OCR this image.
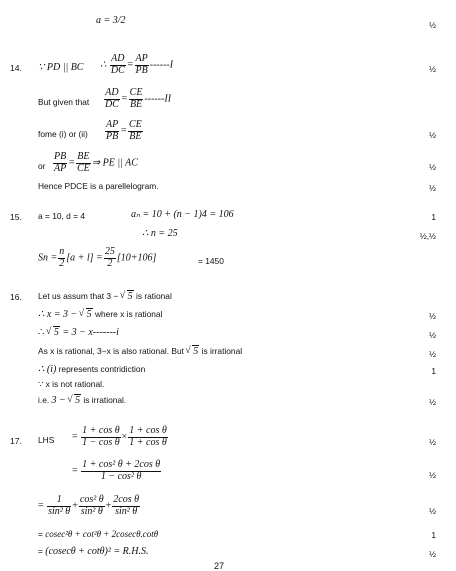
a = 3/2	½
14. ∵ PD || BC ∴ $\frac{AD}{DC} = \frac{AP}{PB} ------I$	½
But given that $\frac{AD}{DC} = \frac{CE}{BE} ------II$
fome (i) or $(ii) \frac{AP}{PB} = \frac{CE}{BE}$	½
or $\frac{PB}{AP} = \frac{BE}{CE}$ ⇒ PE || AC	½
Hence PDCE is a parellelogram.	½
15. a = 10, d = 4	aₙ = 10 + (n − 1)4 = 106	1
∴ n = 25	½,½
$Sn = \frac{n}{2} [a + l] = \frac{25}{2} [10+106]$	= 1450
16. Let us assum that 3 − √ 5 is rational
∴ x = 3 − √ 5 where x is rational	½
∴ √ 5 = 3 − x-------i	½
As x is rational, 3−x is also rational. But √ 5 is irrational	½
∴ (i) represents contridiction	1
∵ x is not rational.
i.e. 3 − √ 5 is irrational.	½
17. LHS = $\frac{\text{1 + cos θ}}{\text{1 − cos θ}} \times \frac{\text{1 + cos θ}}{\text{1 + cos θ}}$	½
= $\frac{\text{1 + cos² θ + 2cos θ}}{\text{1 − cos² θ}}$	½
= $\frac{1}{\text{sin² θ}} + \frac{\text{cos² θ}}{\text{sin² θ}} + \frac{\text{2cos θ}}{\text{sin² θ}}$	½
= cosec²θ + cot²θ + 2cosecθ.cotθ	1
= (cosecθ + cotθ)² = R.H.S.	½
27
